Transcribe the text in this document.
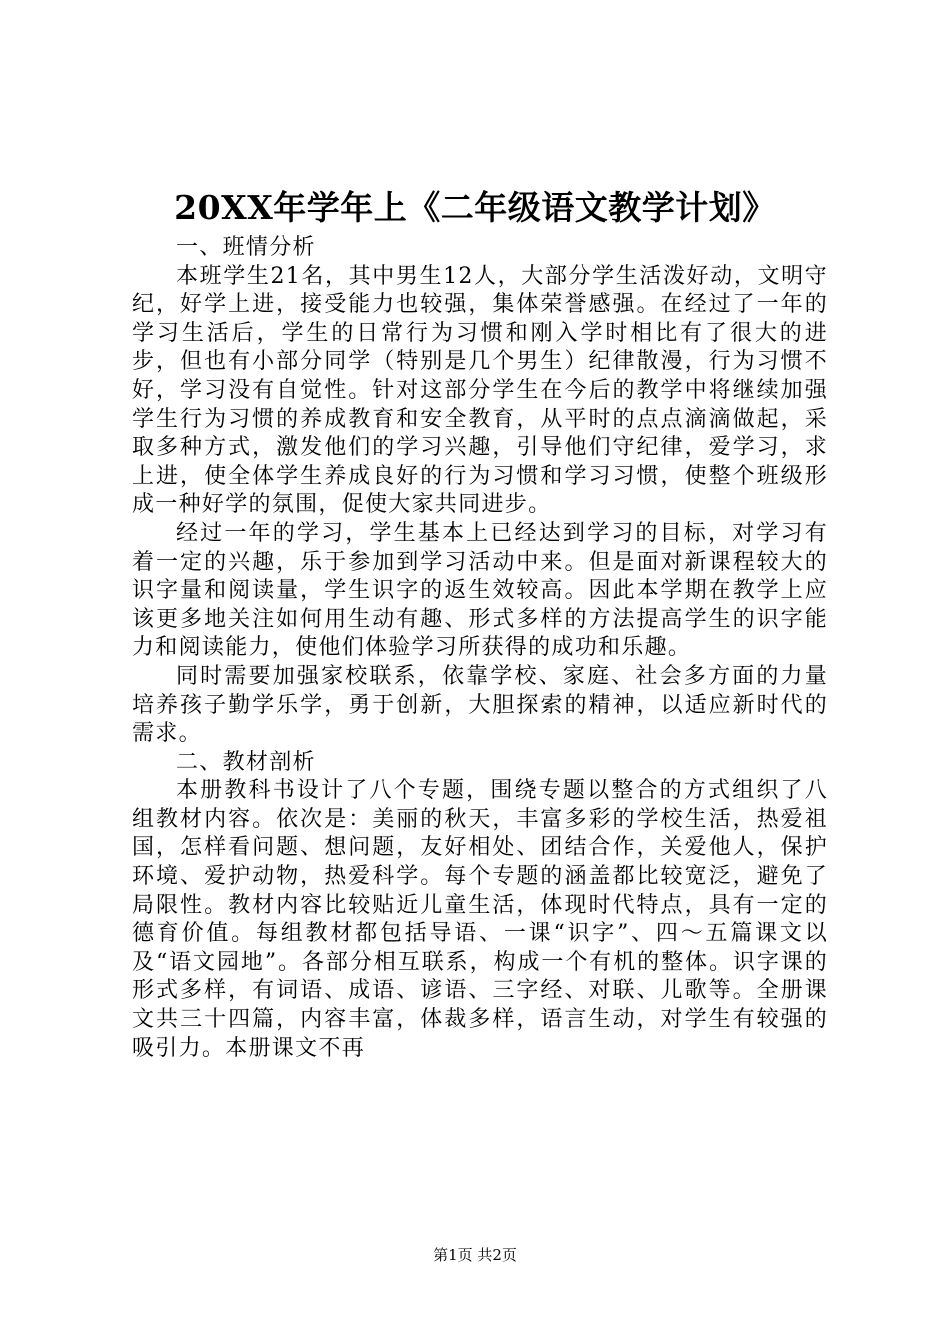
20XX年学年上《二年级语文教学计划》

一、班情分析

本班学生21名，其中男生12人，大部分学生活泼好动，文明守纪，好学上进，接受能力也较强，集体荣誉感强。在经过了一年的学习生活后，学生的日常行为习惯和刚入学时相比有了很大的进步，但也有小部分同学（特别是几个男生）纪律散漫，行为习惯不好，学习没有自觉性。针对这部分学生在今后的教学中将继续加强学生行为习惯的养成教育和安全教育，从平时的点点滴滴做起，采取多种方式，激发他们的学习兴趣，引导他们守纪律，爱学习，求上进，使全体学生养成良好的行为习惯和学习习惯，使整个班级形成一种好学的氛围，促使大家共同进步。

经过一年的学习，学生基本上已经达到学习的目标，对学习有着一定的兴趣，乐于参加到学习活动中来。但是面对新课程较大的识字量和阅读量，学生识字的返生效较高。因此本学期在教学上应该更多地关注如何用生动有趣、形式多样的方法提高学生的识字能力和阅读能力，使他们体验学习所获得的成功和乐趣。

同时需要加强家校联系，依靠学校、家庭、社会多方面的力量培养孩子勤学乐学，勇于创新，大胆探索的精神，以适应新时代的需求。

二、教材剖析

本册教科书设计了八个专题，围绕专题以整合的方式组织了八组教材内容。依次是：美丽的秋天，丰富多彩的学校生活，热爱祖国，怎样看问题、想问题，友好相处、团结合作，关爱他人，保护环境、爱护动物，热爱科学。每个专题的涵盖都比较宽泛，避免了局限性。教材内容比较贴近儿童生活，体现时代特点，具有一定的德育价值。每组教材都包括导语、一课“识字”、四～五篇课文以及“语文园地”。各部分相互联系，构成一个有机的整体。识字课的形式多样，有词语、成语、谚语、三字经、对联、儿歌等。全册课文共三十四篇，内容丰富，体裁多样，语言生动，对学生有较强的吸引力。本册课文不再

第1页 共2页
